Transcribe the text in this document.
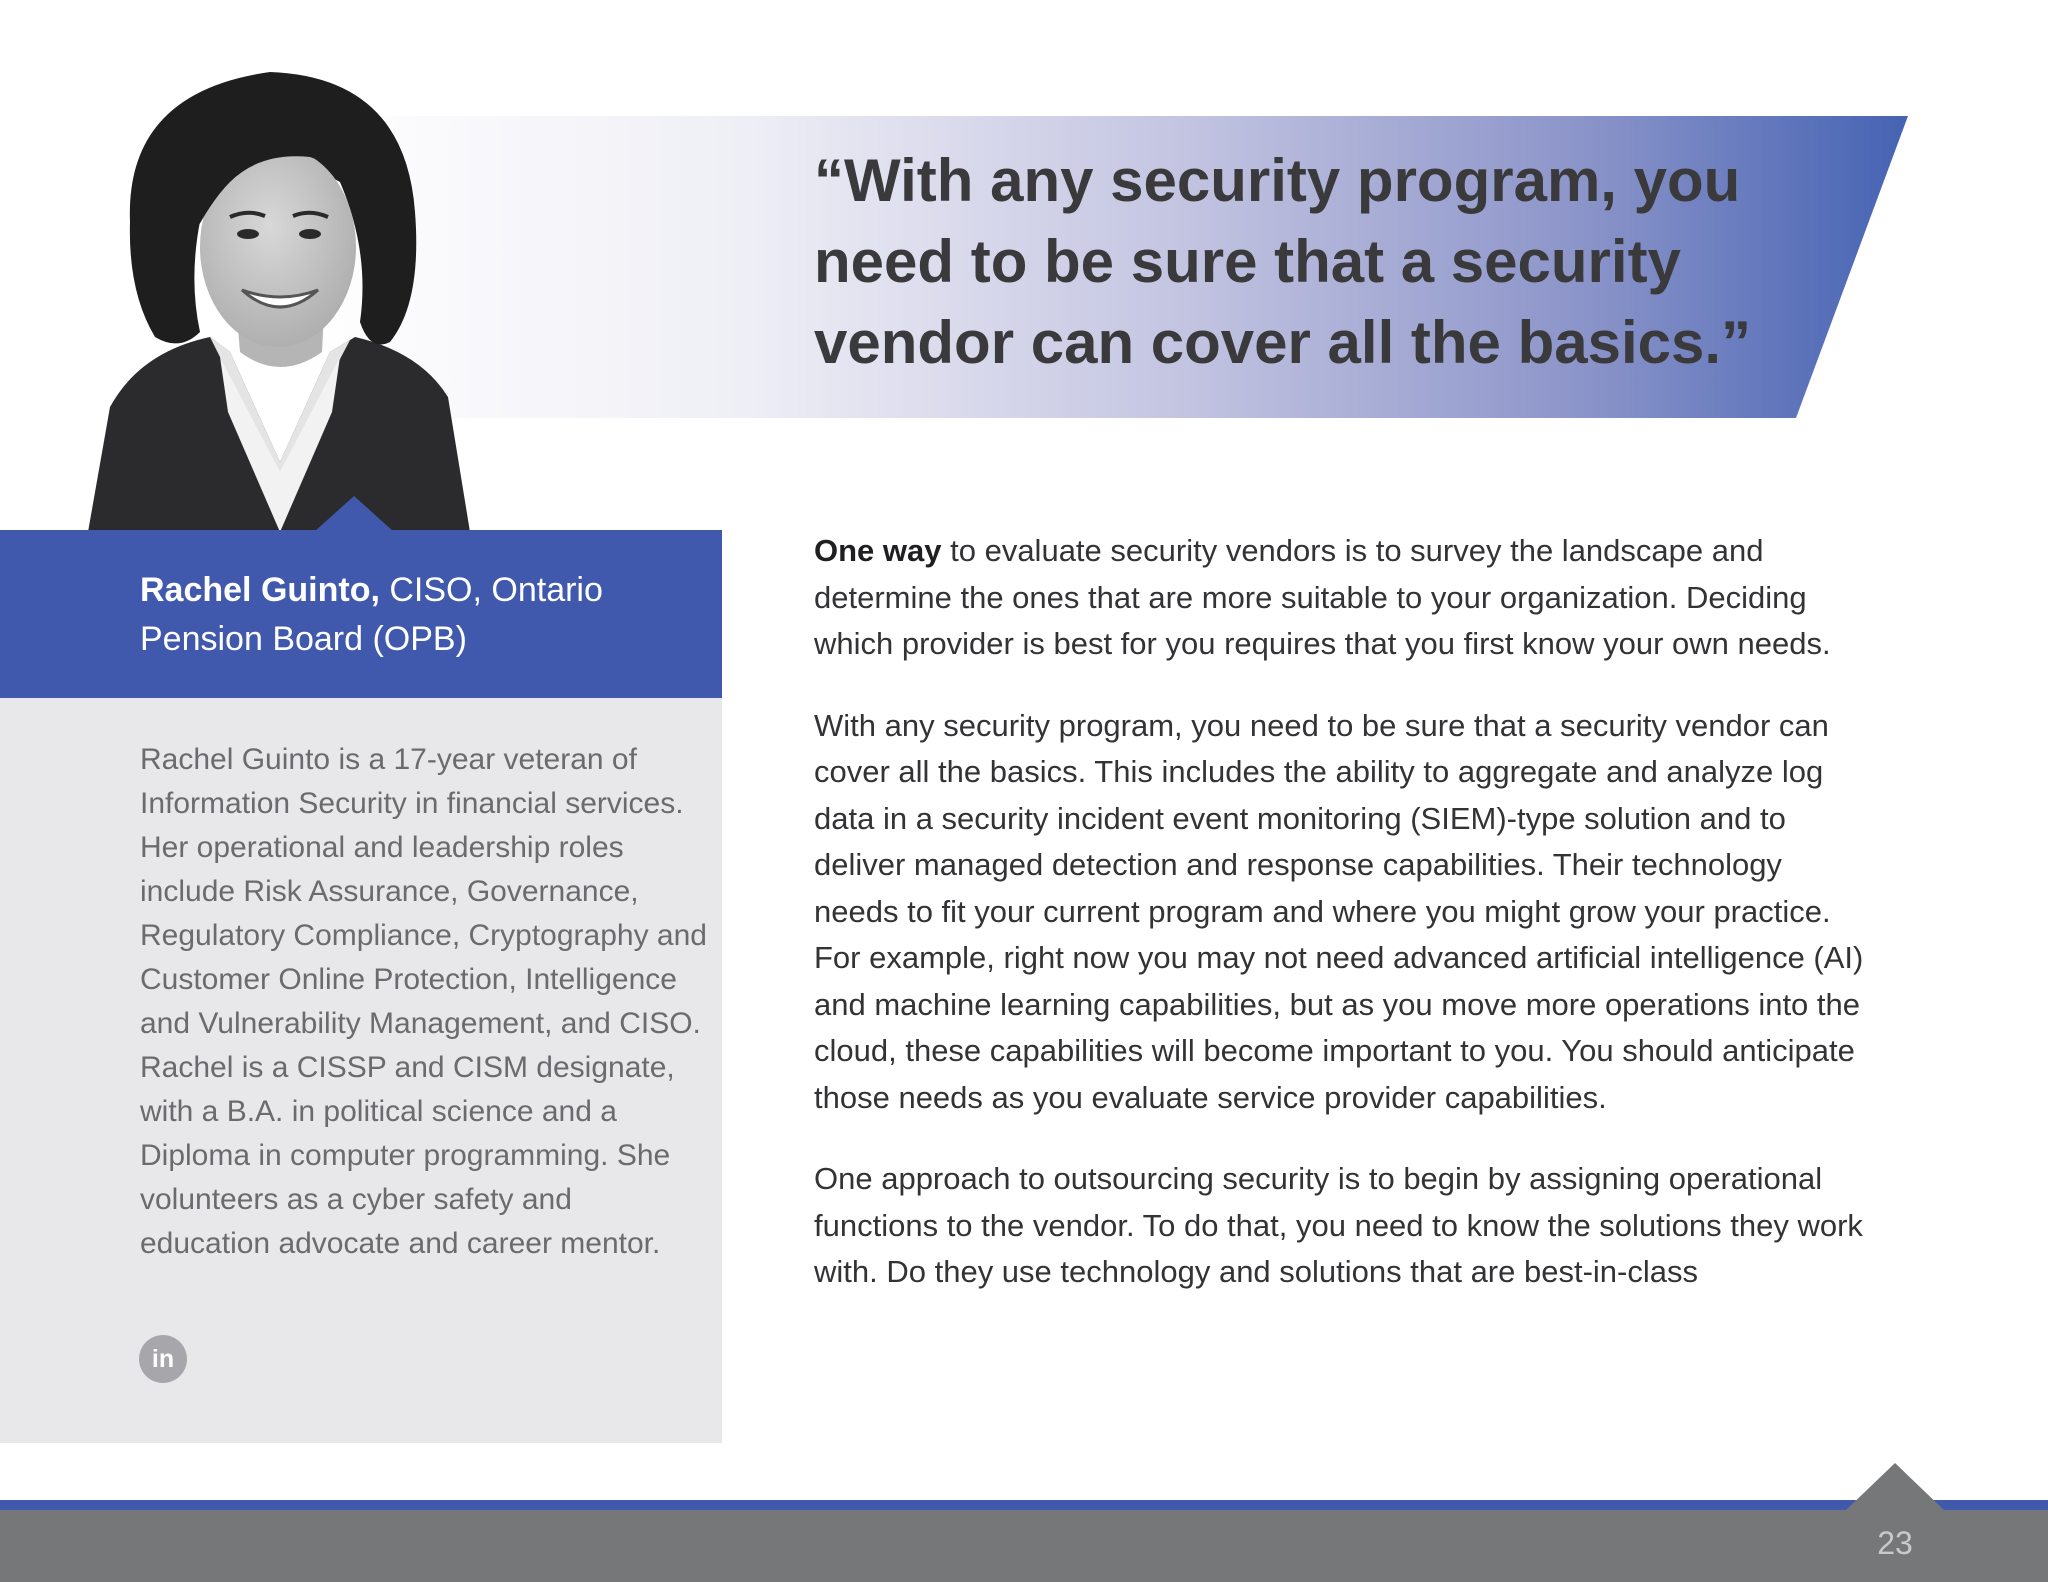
“With any security program, you need to be sure that a security vendor can cover all the basics.”
Rachel Guinto, CISO, Ontario Pension Board (OPB)

Rachel Guinto is a 17-year veteran of Information Security in financial services. Her operational and leadership roles include Risk Assurance, Governance, Regulatory Compliance, Cryptography and Customer Online Protection, Intelligence and Vulnerability Management, and CISO. Rachel is a CISSP and CISM designate, with a B.A. in political science and a Diploma in computer programming. She volunteers as a cyber safety and education advocate and career mentor.

in

One way to evaluate security vendors is to survey the landscape and determine the ones that are more suitable to your organization. Deciding which provider is best for you requires that you first know your own needs.

With any security program, you need to be sure that a security vendor can cover all the basics. This includes the ability to aggregate and analyze log data in a security incident event monitoring (SIEM)-type solution and to deliver managed detection and response capabilities. Their technology needs to fit your current program and where you might grow your practice. For example, right now you may not need advanced artificial intelligence (AI) and machine learning capabilities, but as you move more operations into the cloud, these capabilities will become important to you. You should anticipate those needs as you evaluate service provider capabilities.

One approach to outsourcing security is to begin by assigning operational functions to the vendor. To do that, you need to know the solutions they work with. Do they use technology and solutions that are best-in-class

23
